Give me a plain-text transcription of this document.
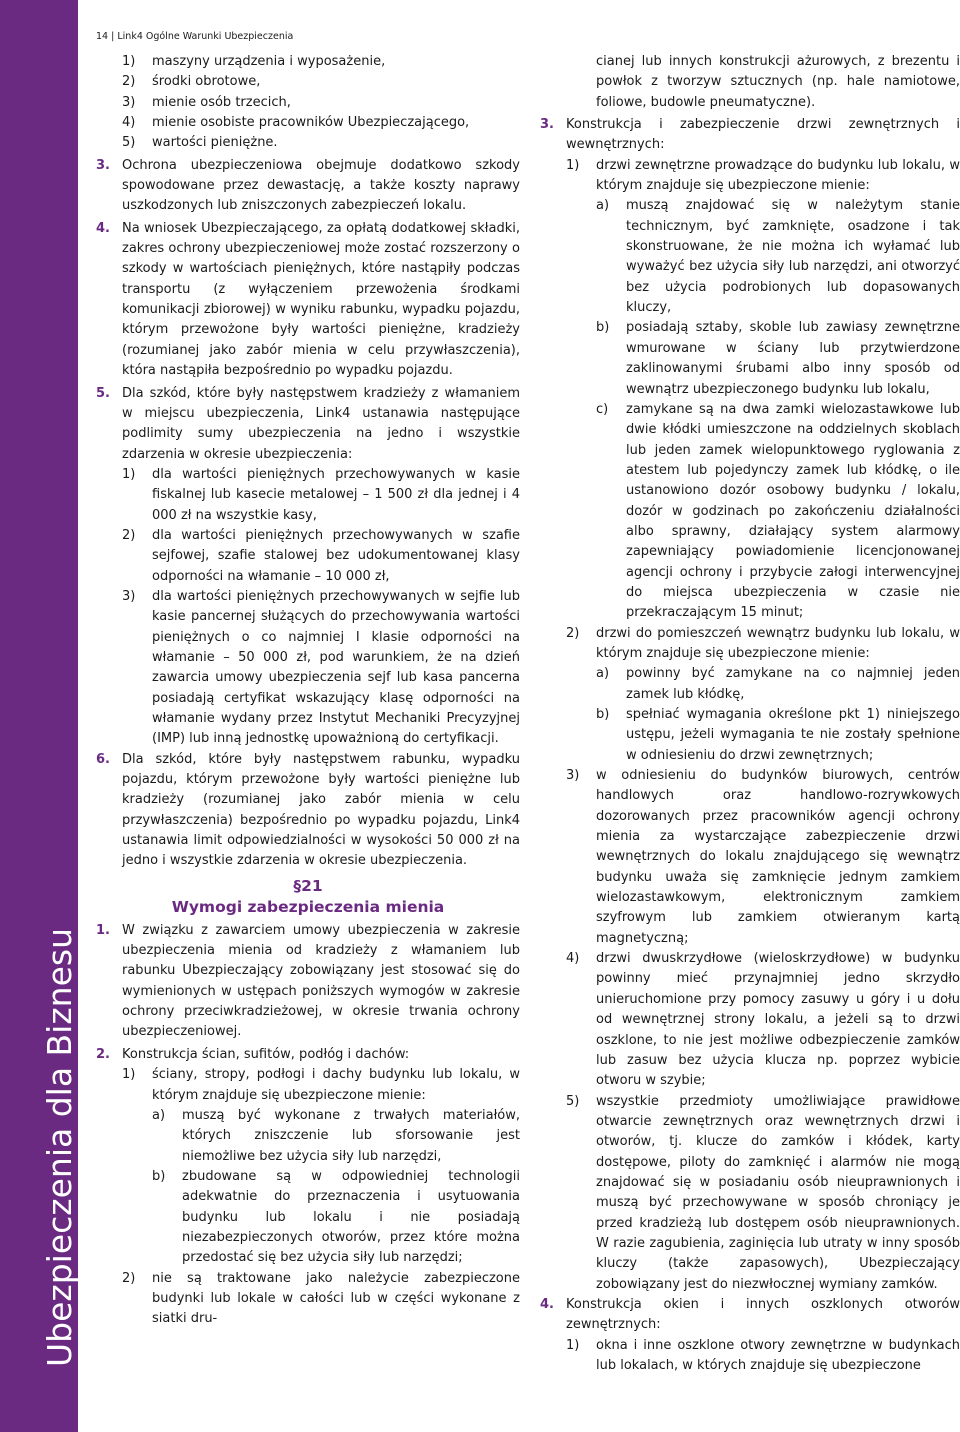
Ubezpieczenia dla Biznesu
14 | Link4 Ogólne Warunki Ubezpieczenia
1)	maszyny urządzenia i wyposażenie,
2)	środki obrotowe,
3)	mienie osób trzecich,
4)	mienie osobiste pracowników Ubezpieczającego,
5)	wartości pieniężne.
3. Ochrona ubezpieczeniowa obejmuje dodatkowo szkody spowodowane przez dewastację, a także koszty naprawy uszkodzonych lub zniszczonych zabezpieczeń lokalu.
4. Na wniosek Ubezpieczającego, za opłatą dodatkowej składki, zakres ochrony ubezpieczeniowej może zostać rozszerzony o szkody w wartościach pieniężnych, które nastąpiły podczas transportu (z wyłączeniem przewożenia środkami komunikacji zbiorowej) w wyniku rabunku, wypadku pojazdu, którym przewożone były wartości pieniężne, kradzieży (rozumianej jako zabór mienia w celu przywłaszczenia), która nastąpiła bezpośrednio po wypadku pojazdu.
5. Dla szkód, które były następstwem kradzieży z włamaniem w miejscu ubezpieczenia, Link4 ustanawia następujące podlimity sumy ubezpieczenia na jedno i wszystkie zdarzenia w okresie ubezpieczenia:
1)	dla wartości pieniężnych przechowywanych w kasie fiskalnej lub kasecie metalowej – 1 500 zł dla jednej i 4 000 zł na wszystkie kasy,
2)	dla wartości pieniężnych przechowywanych w szafie sejfowej, szafie stalowej bez udokumentowanej klasy odporności na włamanie – 10 000 zł,
3)	dla wartości pieniężnych przechowywanych w sejfie lub kasie pancernej służących do przechowywania wartości pieniężnych o co najmniej I klasie odporności na włamanie – 50 000 zł, pod warunkiem, że na dzień zawarcia umowy ubezpieczenia sejf lub kasa pancerna posiadają certyfikat wskazujący klasę odporności na włamanie wydany przez Instytut Mechaniki Precyzyjnej (IMP) lub inną jednostkę upoważnioną do certyfikacji.
6. Dla szkód, które były następstwem rabunku, wypadku pojazdu, którym przewożone były wartości pieniężne lub kradzieży (rozumianej jako zabór mienia w celu przywłaszczenia) bezpośrednio po wypadku pojazdu, Link4 ustanawia limit odpowiedzialności w wysokości 50 000 zł na jedno i wszystkie zdarzenia w okresie ubezpieczenia.
§21
Wymogi zabezpieczenia mienia
1. W związku z zawarciem umowy ubezpieczenia w zakresie ubezpieczenia mienia od kradzieży z włamaniem lub rabunku Ubezpieczający zobowiązany jest stosować się do wymienionych w ustępach poniższych wymogów w zakresie ochrony przeciwkradzieżowej, w okresie trwania ochrony ubezpieczeniowej.
2. Konstrukcja ścian, sufitów, podłóg i dachów:
1)	ściany, stropy, podłogi i dachy budynku lub lokalu, w którym znajduje się ubezpieczone mienie:
a)	muszą być wykonane z trwałych materiałów, których zniszczenie lub sforsowanie jest niemożliwe bez użycia siły lub narzędzi,
b)	zbudowane są w odpowiedniej technologii adekwatnie do przeznaczenia i usytuowania budynku lub lokalu i nie posiadają niezabezpieczonych otworów, przez które można przedostać się bez użycia siły lub narzędzi;
2)	nie są traktowane jako należycie zabezpieczone budynki lub lokale w całości lub w części wykonane z siatki dru-
cianej lub innych konstrukcji ażurowych, z brezentu i powłok z tworzyw sztucznych (np. hale namiotowe, foliowe, budowle pneumatyczne).
3. Konstrukcja i zabezpieczenie drzwi zewnętrznych i wewnętrznych:
1)	drzwi zewnętrzne prowadzące do budynku lub lokalu, w którym znajduje się ubezpieczone mienie:
a)	muszą znajdować się w należytym stanie technicznym, być zamknięte, osadzone i tak skonstruowane, że nie można ich wyłamać lub wyważyć bez użycia siły lub narzędzi, ani otworzyć bez użycia podrobionych lub dopasowanych kluczy,
b)	posiadają sztaby, skoble lub zawiasy zewnętrzne wmurowane w ściany lub przytwierdzone zaklinowanymi śrubami albo inny sposób od wewnątrz ubezpieczonego budynku lub lokalu,
c)	zamykane są na dwa zamki wielozastawkowe lub dwie kłódki umieszczone na oddzielnych skoblach lub jeden zamek wielopunktowego ryglowania z atestem lub pojedynczy zamek lub kłódkę, o ile ustanowiono dozór osobowy budynku / lokalu, dozór w godzinach po zakończeniu działalności albo sprawny, działający system alarmowy zapewniający powiadomienie licencjonowanej agencji ochrony i przybycie załogi interwencyjnej do miejsca ubezpieczenia w czasie nie przekraczającym 15 minut;
2)	drzwi do pomieszczeń wewnątrz budynku lub lokalu, w którym znajduje się ubezpieczone mienie:
a)	powinny być zamykane na co najmniej jeden zamek lub kłódkę,
b)	spełniać wymagania określone pkt 1) niniejszego ustępu, jeżeli wymagania te nie zostały spełnione w odniesieniu do drzwi zewnętrznych;
3)	w odniesieniu do budynków biurowych, centrów handlowych oraz handlowo-rozrywkowych dozorowanych przez pracowników agencji ochrony mienia za wystarczające zabezpieczenie drzwi wewnętrznych do lokalu znajdującego się wewnątrz budynku uważa się zamknięcie jednym zamkiem wielozastawkowym, elektronicznym zamkiem szyfrowym lub zamkiem otwieranym kartą magnetyczną;
4)	drzwi dwuskrzydłowe (wieloskrzydłowe) w budynku powinny mieć przynajmniej jedno skrzydło unieruchomione przy pomocy zasuwy u góry i u dołu od wewnętrznej strony lokalu, a jeżeli są to drzwi oszklone, to nie jest możliwe odbezpieczenie zamków lub zasuw bez użycia klucza np. poprzez wybicie otworu w szybie;
5)	wszystkie przedmioty umożliwiające prawidłowe otwarcie zewnętrznych oraz wewnętrznych drzwi i otworów, tj. klucze do zamków i kłódek, karty dostępowe, piloty do zamknięć i alarmów nie mogą znajdować się w posiadaniu osób nieuprawnionych i muszą być przechowywane w sposób chroniący je przed kradzieżą lub dostępem osób nieuprawnionych. W razie zagubienia, zaginięcia lub utraty w inny sposób kluczy (także zapasowych), Ubezpieczający zobowiązany jest do niezwłocznej wymiany zamków.
4. Konstrukcja okien i innych oszklonych otworów zewnętrznych:
1)	okna i inne oszklone otwory zewnętrzne w budynkach lub lokalach, w których znajduje się ubezpieczone
